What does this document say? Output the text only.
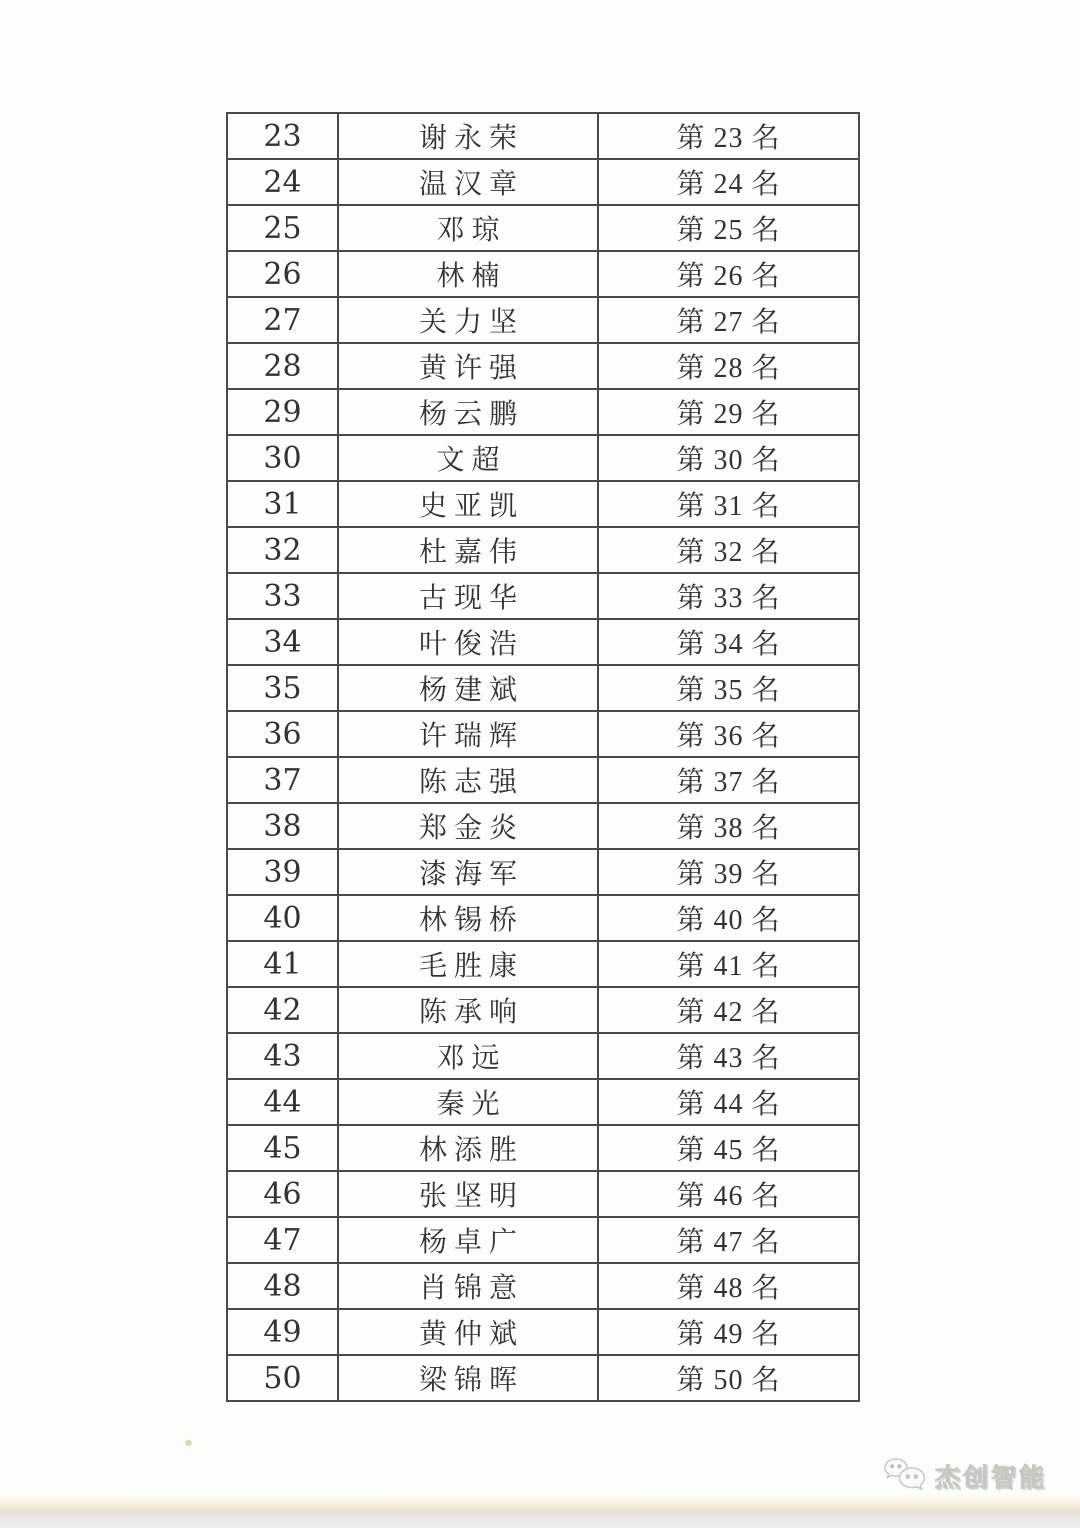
23	谢永荣	第 23 名
24	温汉章	第 24 名
25	邓琼	第 25 名
26	林楠	第 26 名
27	关力坚	第 27 名
28	黄许强	第 28 名
29	杨云鹏	第 29 名
30	文超	第 30 名
31	史亚凯	第 31 名
32	杜嘉伟	第 32 名
33	古现华	第 33 名
34	叶俊浩	第 34 名
35	杨建斌	第 35 名
36	许瑞辉	第 36 名
37	陈志强	第 37 名
38	郑金炎	第 38 名
39	漆海军	第 39 名
40	林锡桥	第 40 名
41	毛胜康	第 41 名
42	陈承响	第 42 名
43	邓远	第 43 名
44	秦光	第 44 名
45	林添胜	第 45 名
46	张坚明	第 46 名
47	杨卓广	第 47 名
48	肖锦意	第 48 名
49	黄仲斌	第 49 名
50	梁锦晖	第 50 名
杰创智能
